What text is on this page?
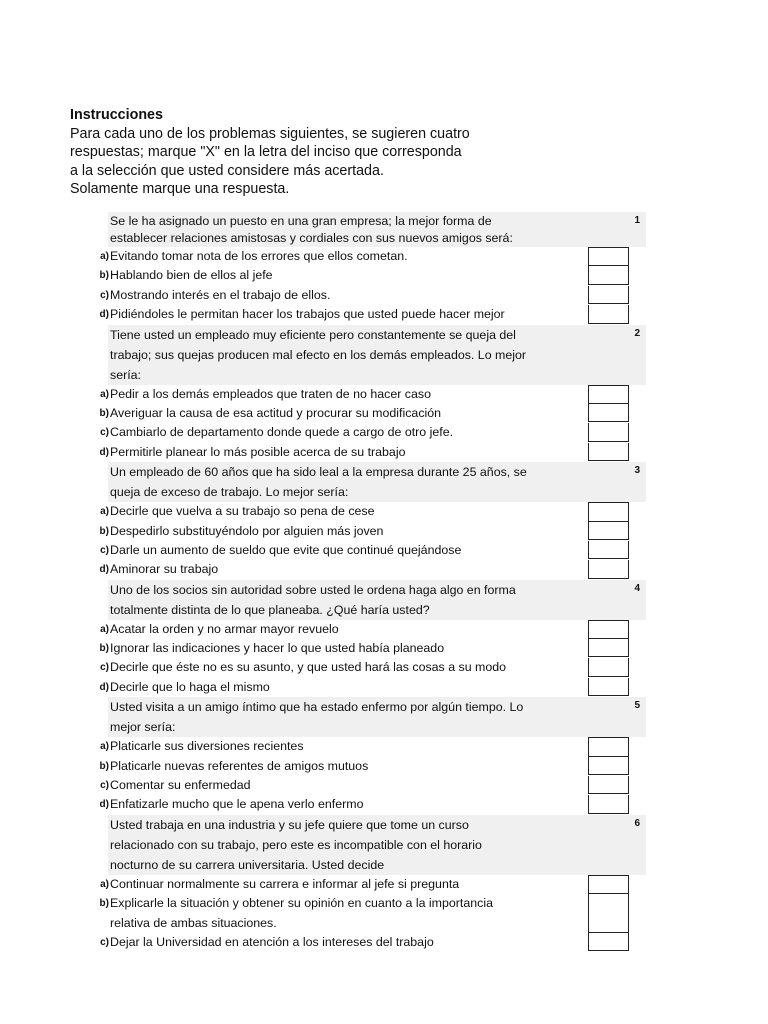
Instrucciones
Para cada uno de los problemas siguientes, se sugieren cuatro
respuestas; marque "X" en la letra del inciso que corresponda
a la selección que usted considere más acertada.
Solamente marque una respuesta.
Se le ha asignado un puesto en una gran empresa; la mejor forma de
establecer relaciones amistosas y cordiales con sus nuevos amigos será:
1
a) Evitando tomar nota de los errores que ellos cometan.
b) Hablando bien de ellos al jefe
c) Mostrando interés en el trabajo de ellos.
d) Pidiéndoles le permitan hacer los trabajos que usted puede hacer mejor
Tiene usted un empleado muy eficiente pero constantemente se queja del
trabajo; sus quejas producen mal efecto en los demás empleados. Lo mejor
sería:
2
a) Pedir a los demás empleados que traten de no hacer caso
b) Averiguar la causa de esa actitud y procurar su modificación
c) Cambiarlo de departamento donde quede a cargo de otro jefe.
d) Permitirle planear lo más posible acerca de su trabajo
Un empleado de 60 años que ha sido leal a la empresa durante 25 años, se
queja de exceso de trabajo. Lo mejor sería:
3
a) Decirle que vuelva a su trabajo so pena de cese
b) Despedirlo substituyéndolo por alguien más joven
c) Darle un aumento de sueldo que evite que continué quejándose
d) Aminorar su trabajo
Uno de los socios sin autoridad sobre usted le ordena haga algo en forma
totalmente distinta de lo que planeaba. ¿Qué haría usted?
4
a) Acatar la orden y no armar mayor revuelo
b) Ignorar las indicaciones y hacer lo que usted había planeado
c) Decirle que éste no es su asunto, y que usted hará las cosas a su modo
d) Decirle que lo haga el mismo
Usted visita a un amigo íntimo que ha estado enfermo por algún tiempo. Lo
mejor sería:
5
a) Platicarle sus diversiones recientes
b) Platicarle nuevas referentes de amigos mutuos
c) Comentar su enfermedad
d) Enfatizarle mucho que le apena verlo enfermo
Usted trabaja en una industria y su jefe quiere que tome un curso
relacionado con su trabajo, pero este es incompatible con el horario
nocturno de su carrera universitaria. Usted decide
6
a) Continuar normalmente su carrera e informar al jefe si pregunta
b) Explicarle la situación y obtener su opinión en cuanto a la importancia
relativa de ambas situaciones.
c) Dejar la Universidad en atención a los intereses del trabajo
